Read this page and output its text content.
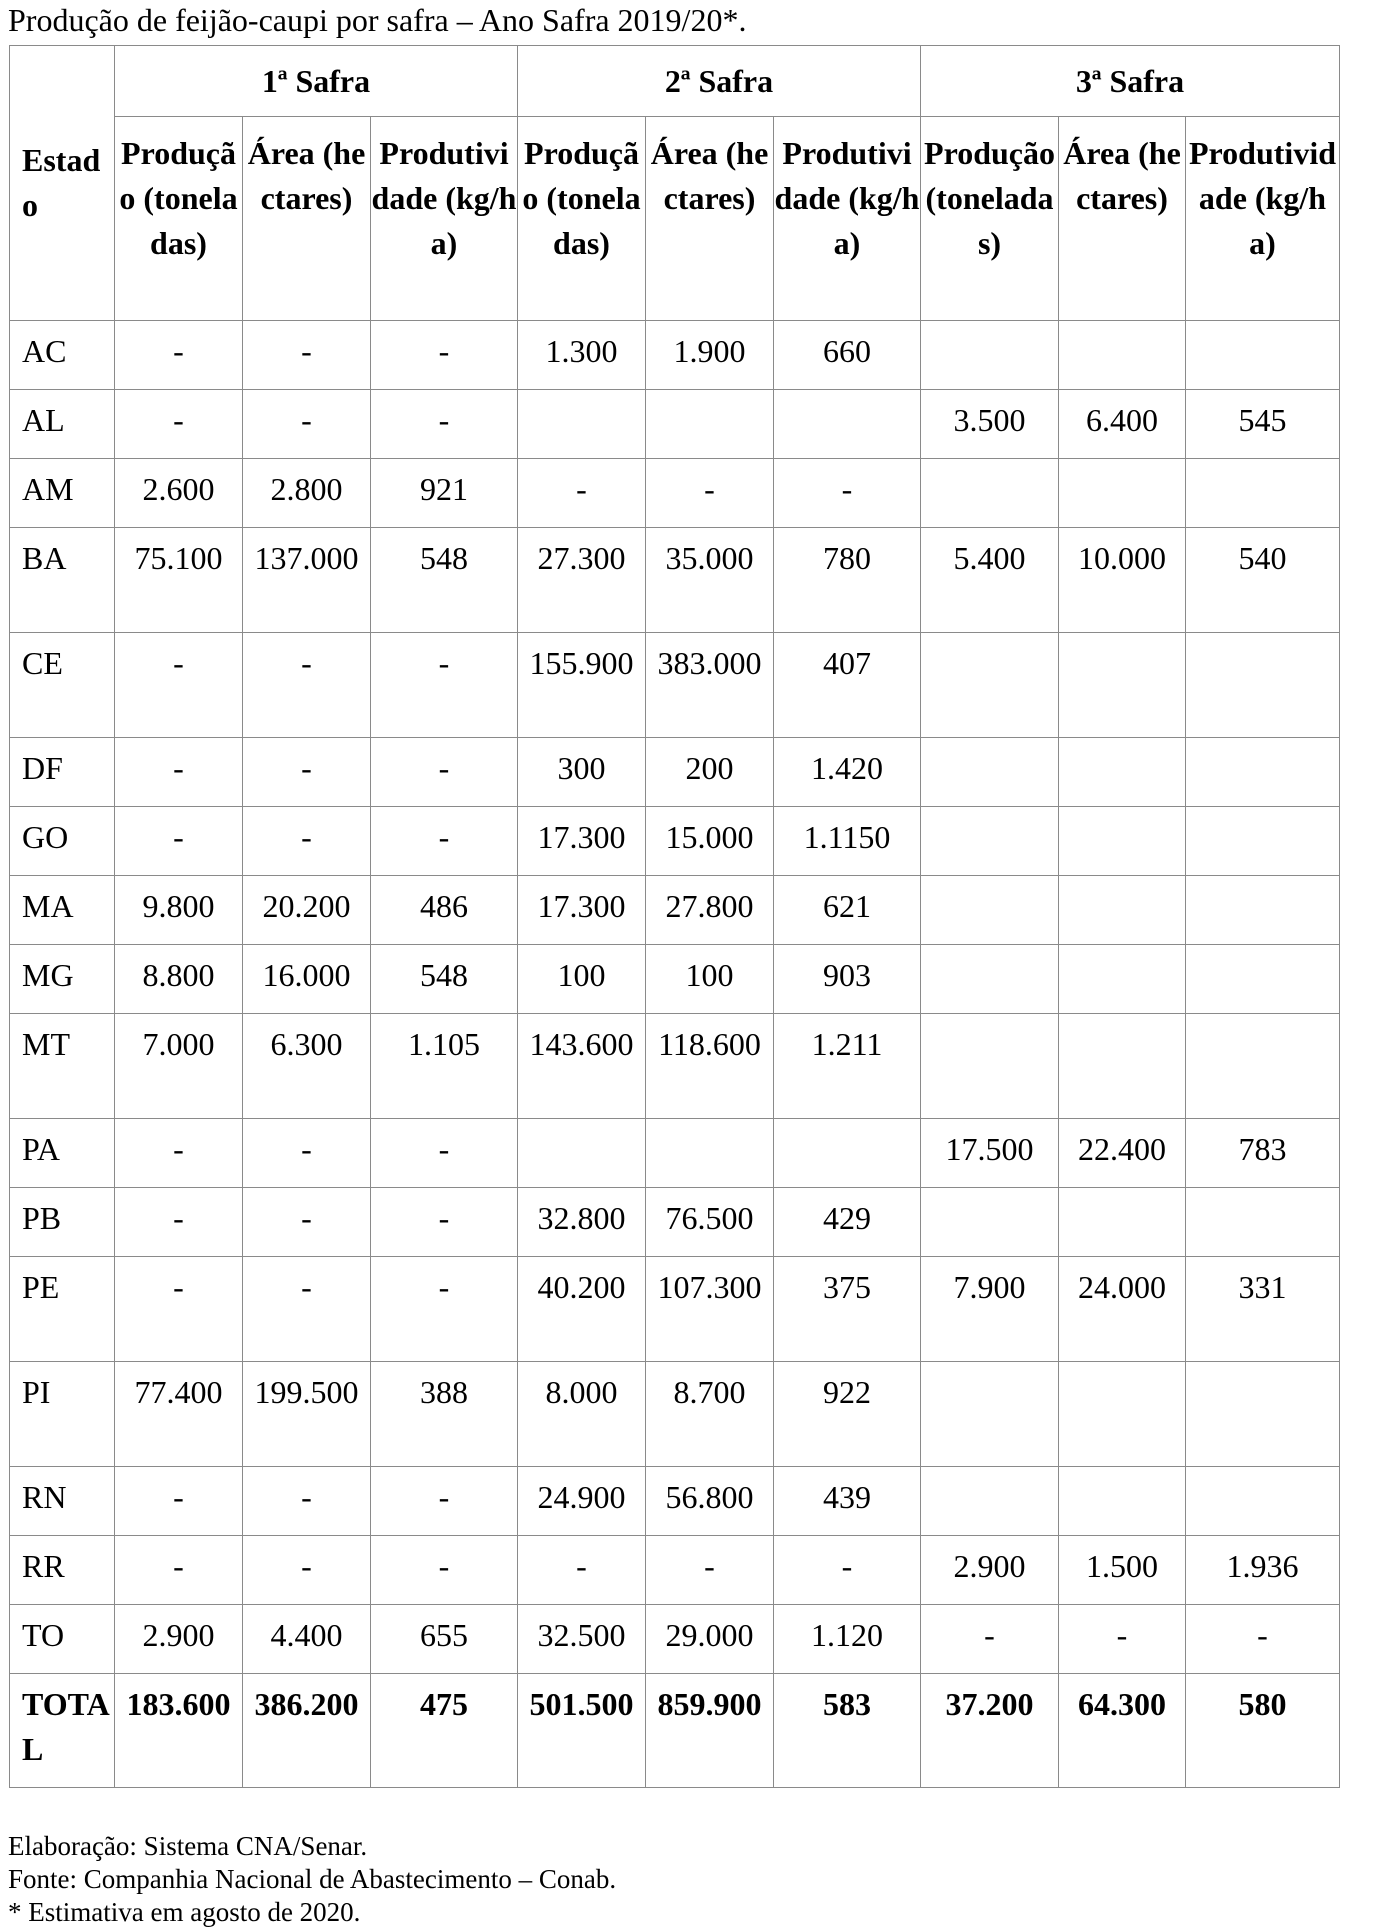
Produção de feijão-caupi por safra – Ano Safra 2019/20*.
Estado	1ª Safra			2ª Safra			3ª Safra		
	Produção (toneladas)	Área (hectares)	Produtividade (kg/ha)	Produção (toneladas)	Área (hectares)	Produtividade (kg/ha)	Produção (toneladas)	Área (hectares)	Produtividade (kg/ha)
AC	-	-	-	1.300	1.900	660			
AL	-	-	-				3.500	6.400	545
AM	2.600	2.800	921	-	-	-			
BA	75.100	137.000	548	27.300	35.000	780	5.400	10.000	540
CE	-	-	-	155.900	383.000	407			
DF	-	-	-	300	200	1.420			
GO	-	-	-	17.300	15.000	1.1150			
MA	9.800	20.200	486	17.300	27.800	621			
MG	8.800	16.000	548	100	100	903			
MT	7.000	6.300	1.105	143.600	118.600	1.211			
PA	-	-	-				17.500	22.400	783
PB	-	-	-	32.800	76.500	429			
PE	-	-	-	40.200	107.300	375	7.900	24.000	331
PI	77.400	199.500	388	8.000	8.700	922			
RN	-	-	-	24.900	56.800	439			
RR	-	-	-	-	-	-	2.900	1.500	1.936
TO	2.900	4.400	655	32.500	29.000	1.120	-	-	-
TOTAL	183.600	386.200	475	501.500	859.900	583	37.200	64.300	580
Elaboração: Sistema CNA/Senar.
Fonte: Companhia Nacional de Abastecimento – Conab.
* Estimativa em agosto de 2020.
